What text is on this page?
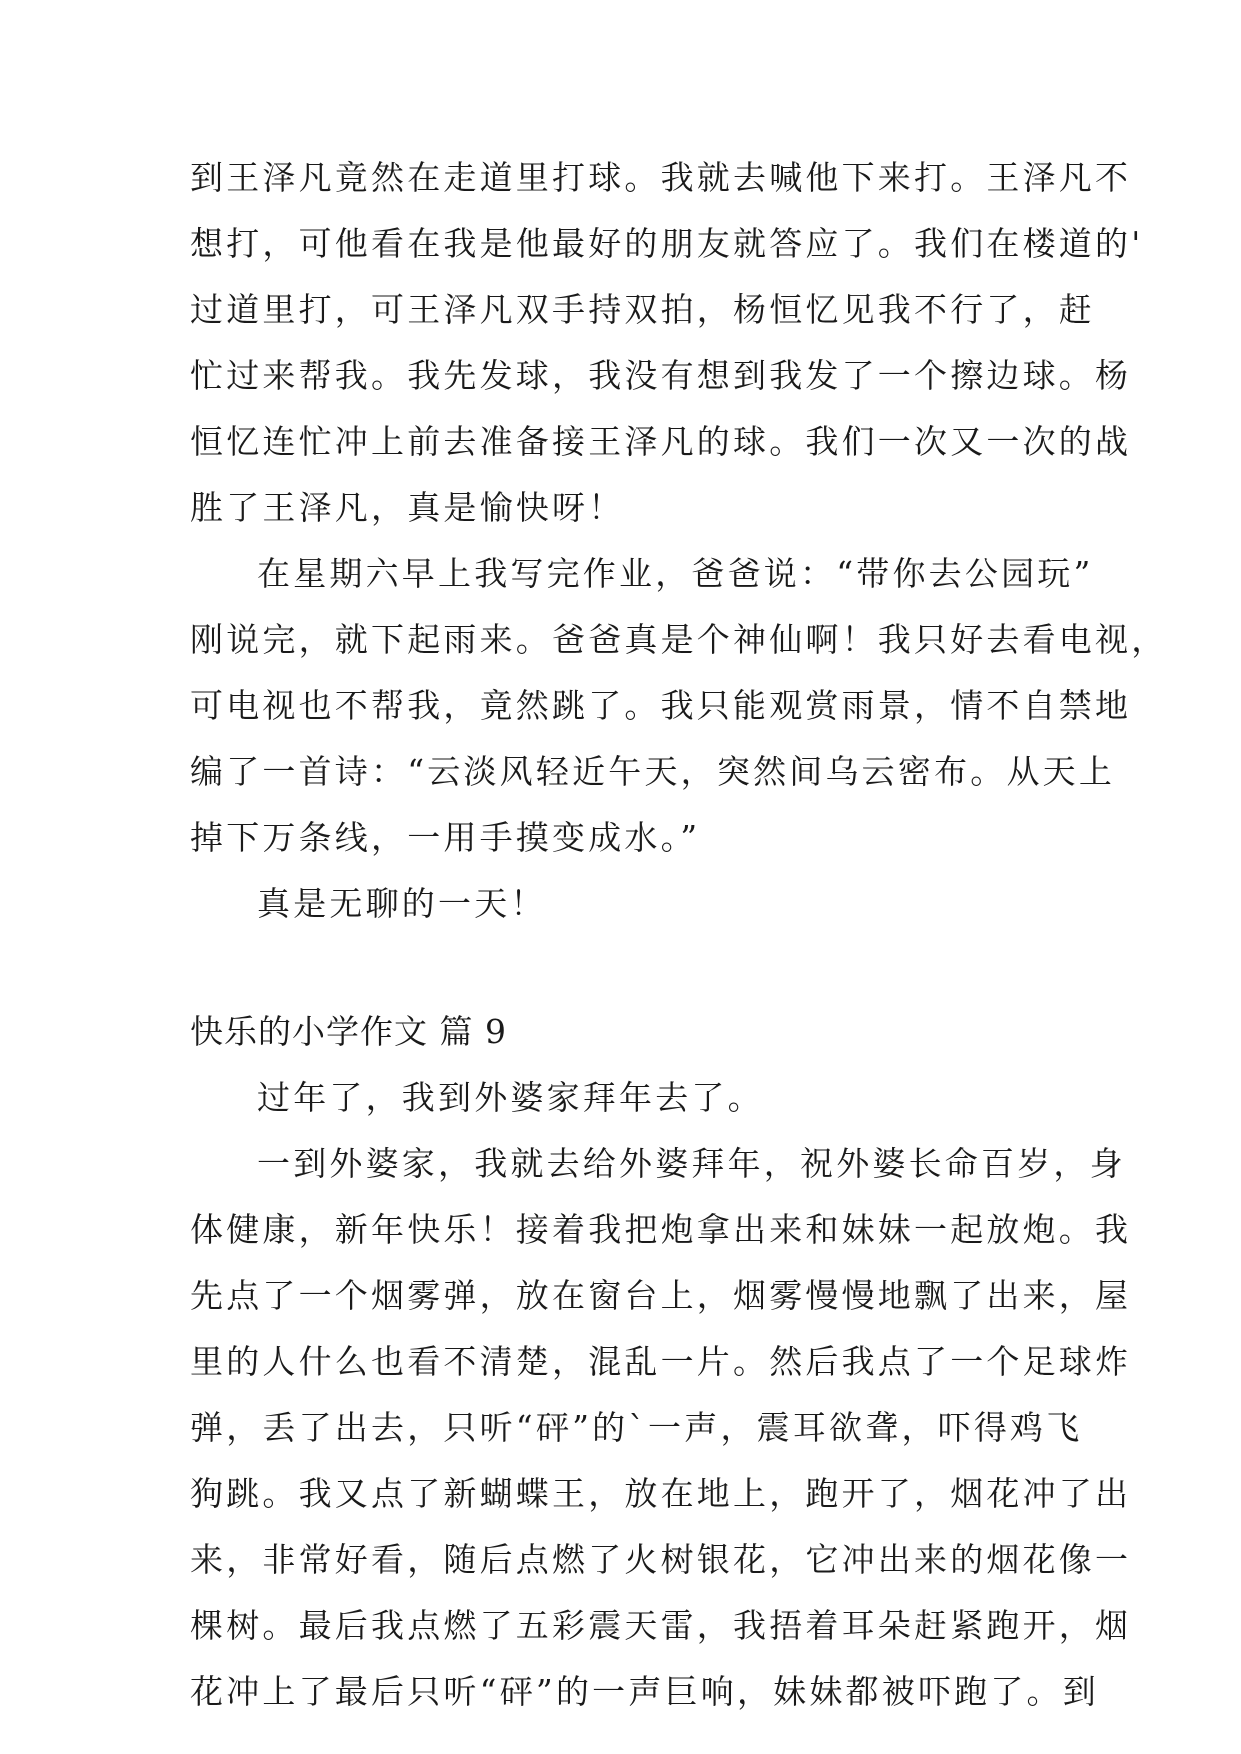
到王泽凡竟然在走道里打球。我就去喊他下来打。王泽凡不
想打，可他看在我是他最好的朋友就答应了。我们在楼道的'
过道里打，可王泽凡双手持双拍，杨恒忆见我不行了，赶
忙过来帮我。我先发球，我没有想到我发了一个擦边球。杨
恒忆连忙冲上前去准备接王泽凡的球。我们一次又一次的战
胜了王泽凡，真是愉快呀！
在星期六早上我写完作业，爸爸说：“带你去公园玩”
刚说完，就下起雨来。爸爸真是个神仙啊！我只好去看电视，
可电视也不帮我，竟然跳了。我只能观赏雨景，情不自禁地
编了一首诗：“云淡风轻近午天，突然间乌云密布。从天上
掉下万条线，一用手摸变成水。”
真是无聊的一天！
快乐的小学作文 篇 9
过年了，我到外婆家拜年去了。
一到外婆家，我就去给外婆拜年，祝外婆长命百岁，身
体健康，新年快乐！接着我把炮拿出来和妹妹一起放炮。我
先点了一个烟雾弹，放在窗台上，烟雾慢慢地飘了出来，屋
里的人什么也看不清楚，混乱一片。然后我点了一个足球炸
弹，丢了出去，只听“砰”的`一声，震耳欲聋，吓得鸡飞
狗跳。我又点了新蝴蝶王，放在地上，跑开了，烟花冲了出
来，非常好看，随后点燃了火树银花，它冲出来的烟花像一
棵树。最后我点燃了五彩震天雷，我捂着耳朵赶紧跑开，烟
花冲上了最后只听“砰”的一声巨响，妹妹都被吓跑了。到
